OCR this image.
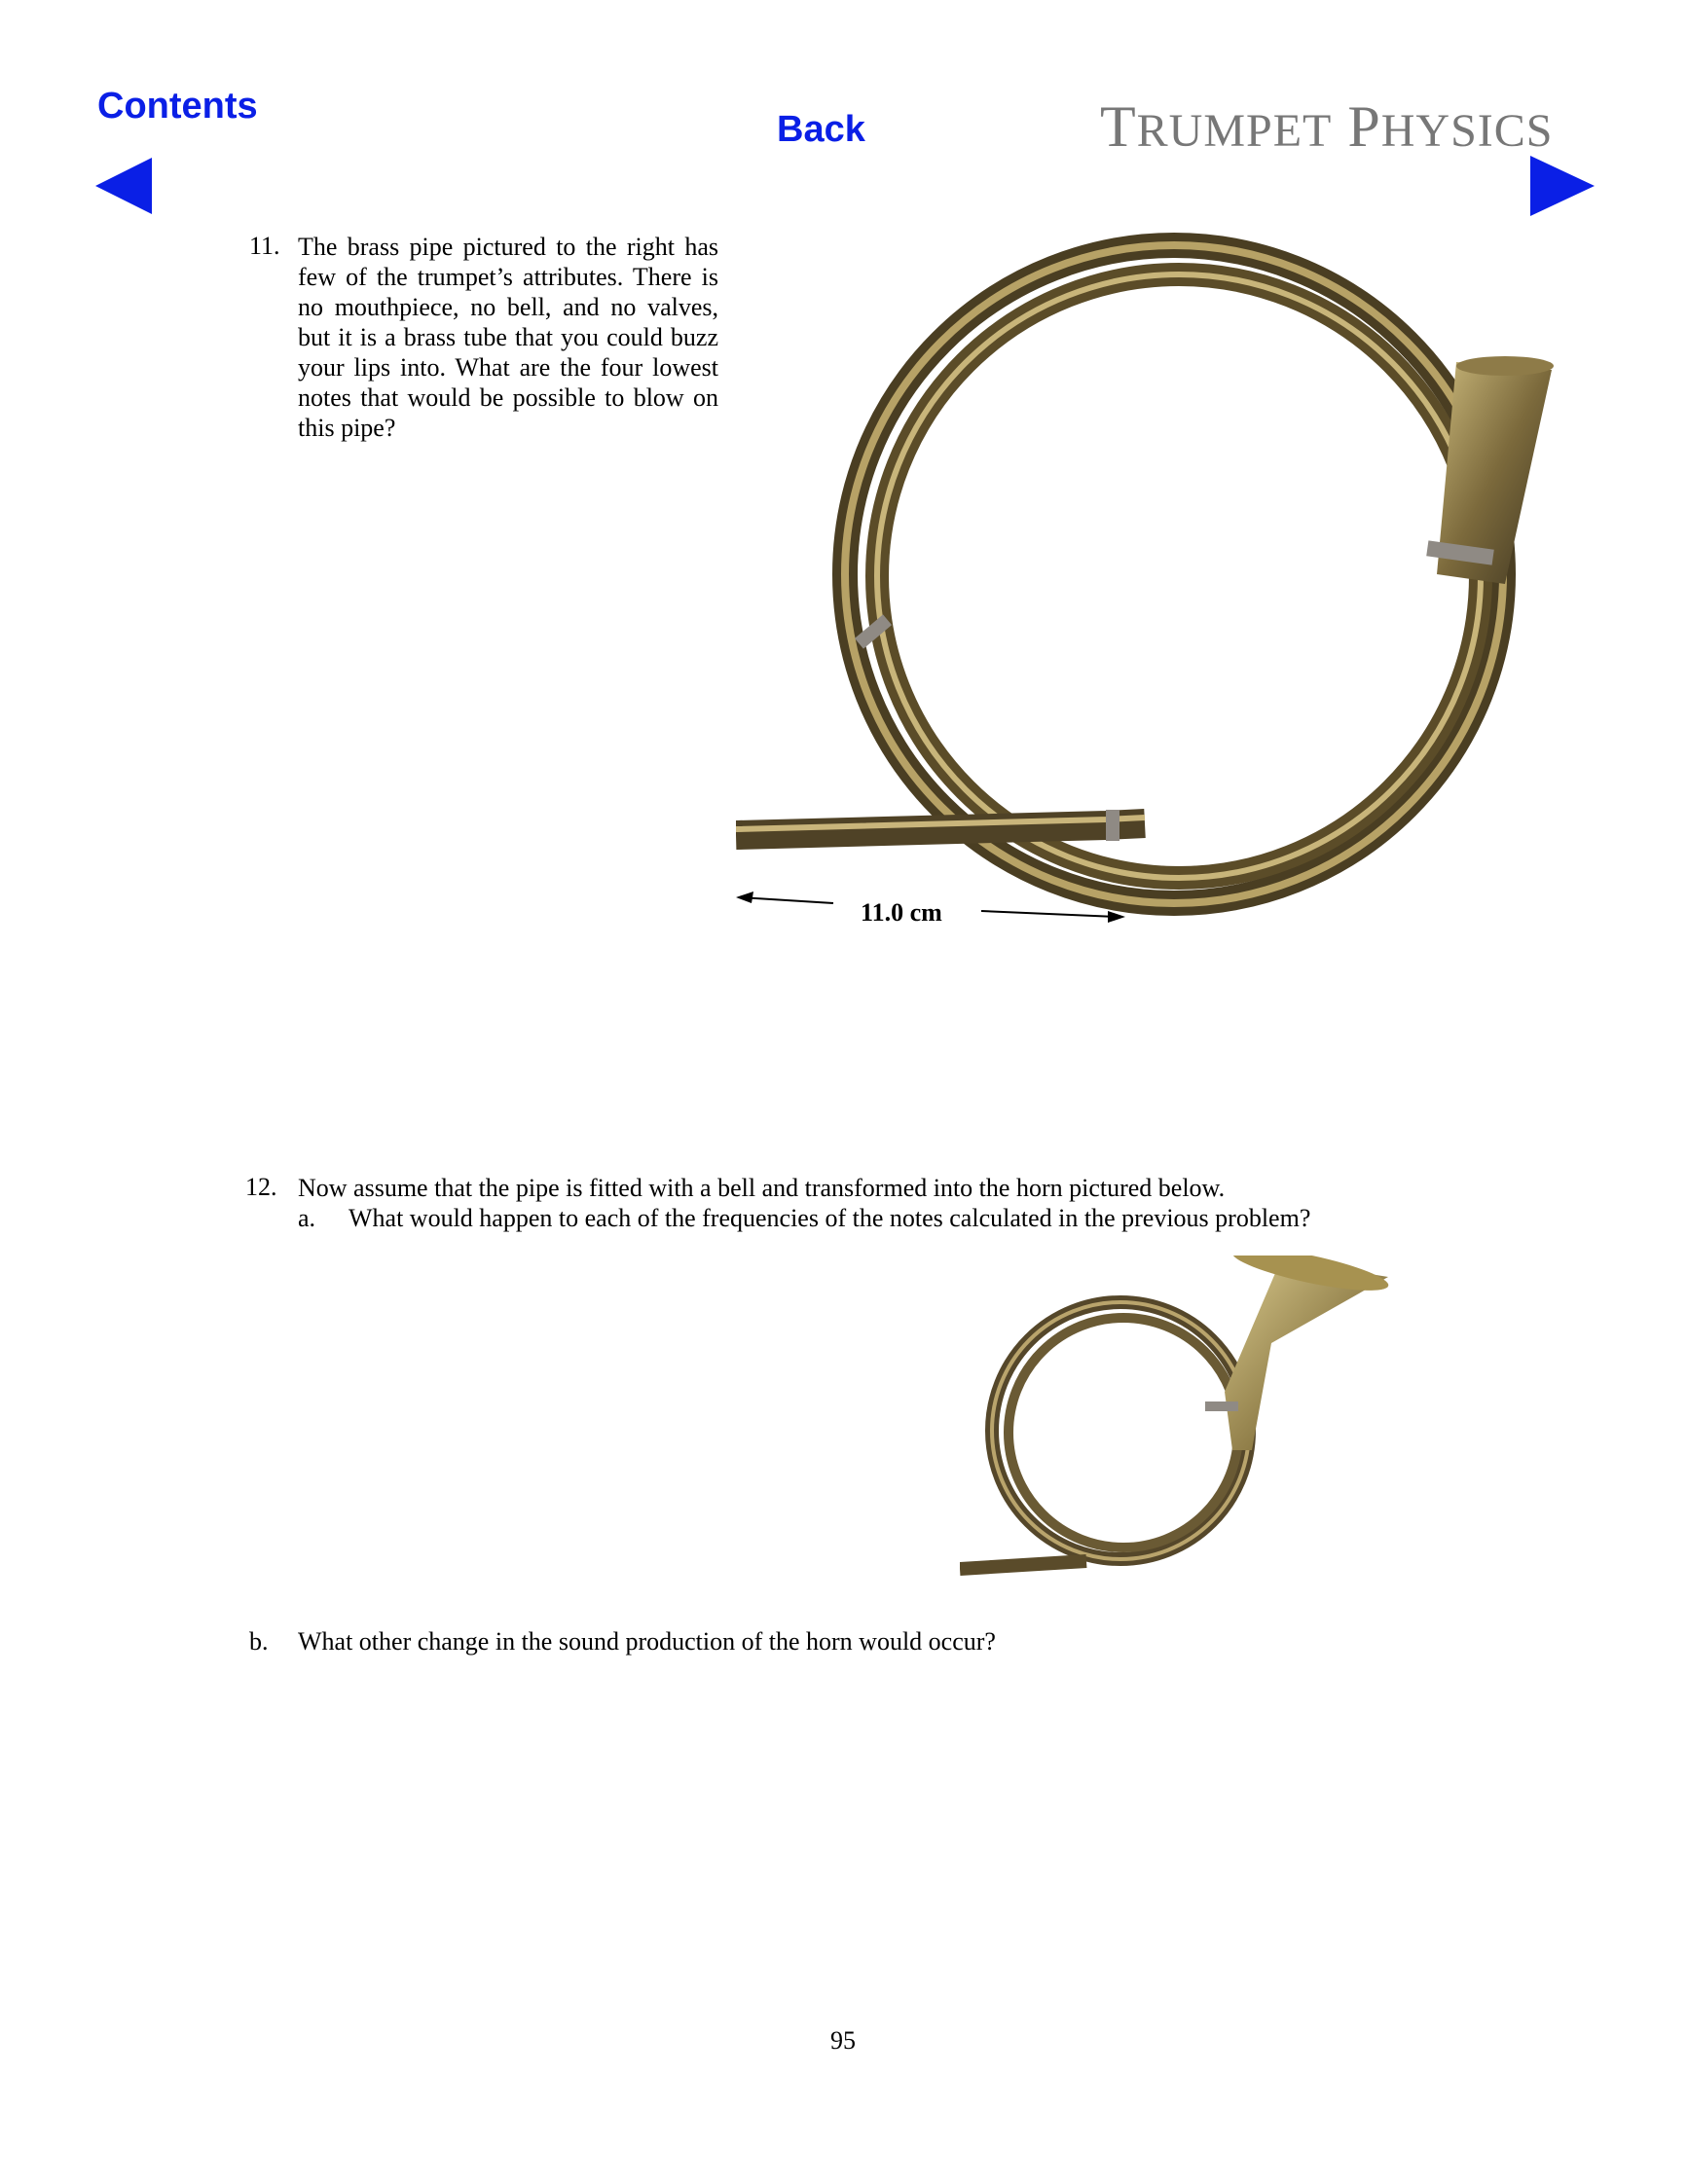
Contents
Back	TRUMPET PHYSICS
11. The brass pipe pictured to the right has few of the trumpet’s attributes. There is no mouthpiece, no bell, and no valves, but it is a brass tube that you could buzz your lips into. What are the four lowest notes that would be possible to blow on this pipe?
11.0 cm
12. Now assume that the pipe is fitted with a bell and transformed into the horn pictured below.
a. What would happen to each of the frequencies of the notes calculated in the previous problem?
b. What other change in the sound production of the horn would occur?
95
